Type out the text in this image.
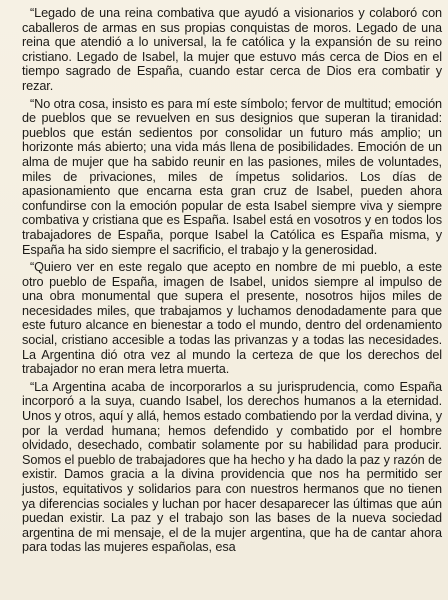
“Legado de una reina combativa que ayudó a visionarios y colaboró con caballeros de armas en sus propias conquistas de moros. Legado de una reina que atendió a lo universal, la fe católica y la expansión de su reino cristiano. Legado de Isabel, la mujer que estuvo más cerca de Dios en el tiempo sagrado de España, cuando estar cerca de Dios era combatir y rezar.

“No otra cosa, insisto es para mí este símbolo; fervor de multitud; emoción de pueblos que se revuelven en sus designios que superan la tiranidad: pueblos que están sedientos por consolidar un futuro más amplio; un horizonte más abierto; una vida más llena de posibilidades. Emoción de un alma de mujer que ha sabido reunir en las pasiones, miles de voluntades, miles de privaciones, miles de ímpetus solidarios. Los días de apasionamiento que encarna esta gran cruz de Isabel, pueden ahora confundirse con la emoción popular de esta Isabel siempre viva y siempre combativa y cristiana que es España. Isabel está en vosotros y en todos los trabajadores de España, porque Isabel la Católica es España misma, y España ha sido siempre el sacrificio, el trabajo y la generosidad.

“Quiero ver en este regalo que acepto en nombre de mi pueblo, a este otro pueblo de España, imagen de Isabel, unidos siempre al impulso de una obra monumental que supera el presente, nosotros hijos miles de necesidades miles, que trabajamos y luchamos denodadamente para que este futuro alcance en bienestar a todo el mundo, dentro del ordenamiento social, cristiano accesible a todas las privanzas y a todas las necesidades. La Argentina dió otra vez al mundo la certeza de que los derechos del trabajador no eran mera letra muerta.

“La Argentina acaba de incorporarlos a su jurisprudencia, como España incorporó a la suya, cuando Isabel, los derechos humanos a la eternidad. Unos y otros, aquí y allá, hemos estado combatiendo por la verdad divina, y por la verdad humana; hemos defendido y combatido por el hombre olvidado, desechado, combatir solamente por su habilidad para producir. Somos el pueblo de trabajadores que ha hecho y ha dado la paz y razón de existir. Damos gracia a la divina providencia que nos ha permitido ser justos, equitativos y solidarios para con nuestros hermanos que no tienen ya diferencias sociales y luchan por hacer desaparecer las últimas que aún puedan existir. La paz y el trabajo son las bases de la nueva sociedad argentina de mi mensaje, el de la mujer argentina, que ha de cantar ahora para todas las mujeres españolas, esa
